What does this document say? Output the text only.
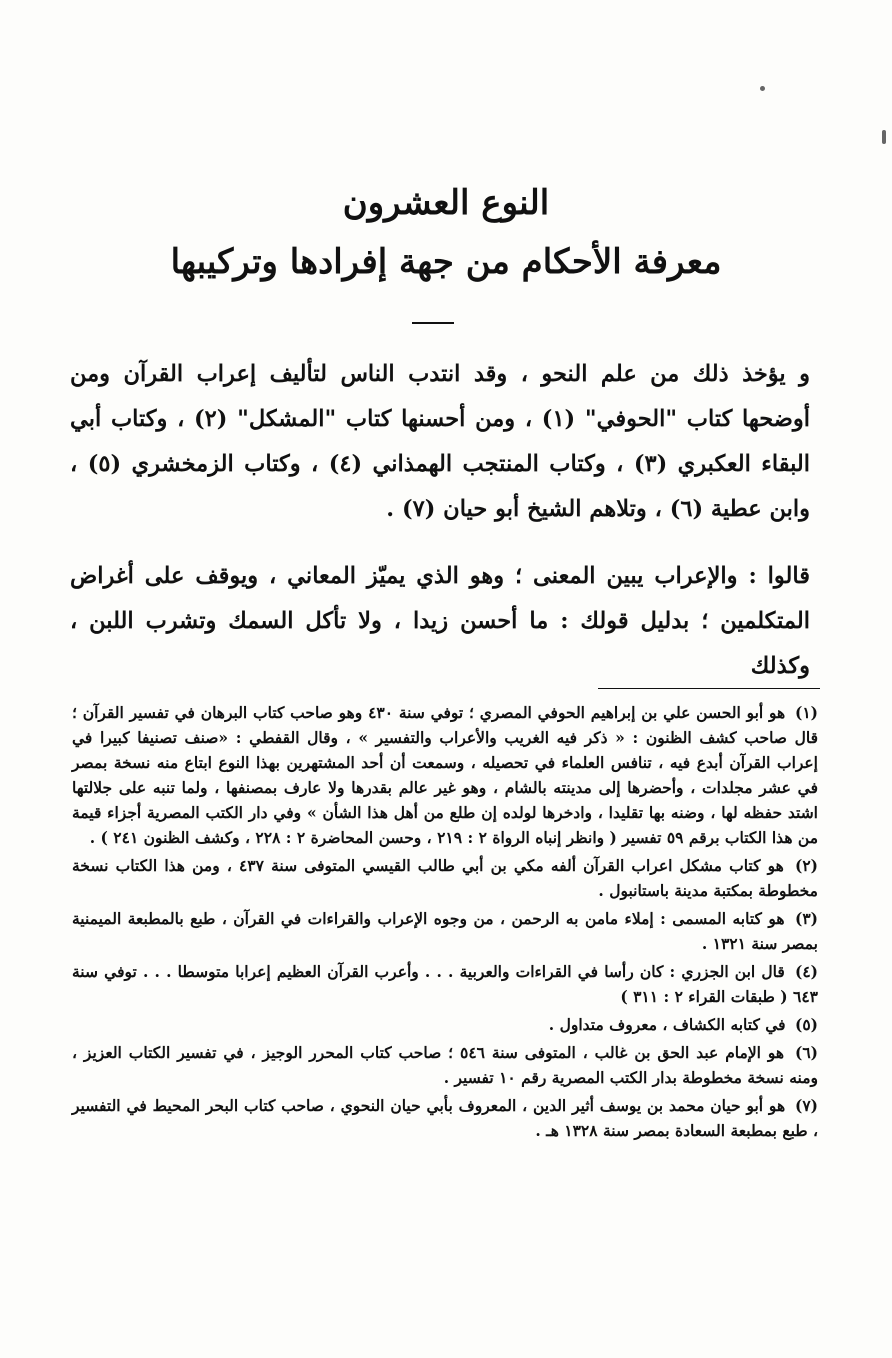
النوع العشرون
معرفة الأحكام من جهة إفرادها وتركيبها

و يؤخذ ذلك من علم النحو ، وقد انتدب الناس لتأليف إعراب القرآن ومن أوضحها كتاب "الحوفي" (١) ، ومن أحسنها كتاب "المشكل" (٢) ، وكتاب أبي البقاء العكبري (٣) ، وكتاب المنتجب الهمذاني (٤) ، وكتاب الزمخشري (٥) ، وابن عطية (٦) ، وتلاهم الشيخ أبو حيان (٧) .

قالوا : والإعراب يبين المعنى ؛ وهو الذي يميّز المعاني ، ويوقف على أغراض المتكلمين ؛ بدليل قولك : ما أحسن زيدا ، ولا تأكل السمك وتشرب اللبن ، وكذلك

(١) هو أبو الحسن علي بن إبراهيم الحوفي المصري ؛ توفي سنة ٤٣٠ وهو صاحب كتاب البرهان في تفسير القرآن ؛ قال صاحب كشف الظنون : « ذكر فيه الغريب والأعراب والتفسير » ، وقال القفطي : «صنف تصنيفا كبيرا في إعراب القرآن أبدع فيه ، تنافس العلماء في تحصيله ، وسمعت أن أحد المشتهرين بهذا النوع ابتاع منه نسخة بمصر في عشر مجلدات ، وأحضرها إلى مدينته بالشام ، وهو غير عالم بقدرها ولا عارف بمصنفها ، ولما تنبه على جلالتها اشتد حفظه لها ، وضنه بها تقليدا ، وادخرها لولده إن طلع من أهل هذا الشأن » وفي دار الكتب المصرية أجزاء قيمة من هذا الكتاب برقم ٥٩ تفسير ( وانظر إنباه الرواة ٢ : ٢١٩ ، وحسن المحاضرة ٢ : ٢٢٨ ، وكشف الظنون ٢٤١ ) .

(٢) هو كتاب مشكل اعراب القرآن ألفه مكي بن أبي طالب القيسي المتوفى سنة ٤٣٧ ، ومن هذا الكتاب نسخة مخطوطة بمكتبة مدينة باستانبول .

(٣) هو كتابه المسمى : إملاء مامن به الرحمن ، من وجوه الإعراب والقراءات في القرآن ، طبع بالمطبعة الميمنية بمصر سنة ١٣٢١ .

(٤) قال ابن الجزري : كان رأسا في القراءات والعربية . . . وأعرب القرآن العظيم إعرابا متوسطا . . . توفي سنة ٦٤٣ ( طبقات القراء ٢ : ٣١١ )

(٥) في كتابه الكشاف ، معروف متداول .

(٦) هو الإمام عبد الحق بن غالب ، المتوفى سنة ٥٤٦ ؛ صاحب كتاب المحرر الوجيز ، في تفسير الكتاب العزيز ، ومنه نسخة مخطوطة بدار الكتب المصرية رقم ١٠ تفسير .

(٧) هو أبو حيان محمد بن يوسف أثير الدين ، المعروف بأبي حيان النحوي ، صاحب كتاب البحر المحيط في التفسير ، طبع بمطبعة السعادة بمصر سنة ١٣٢٨ هـ .
